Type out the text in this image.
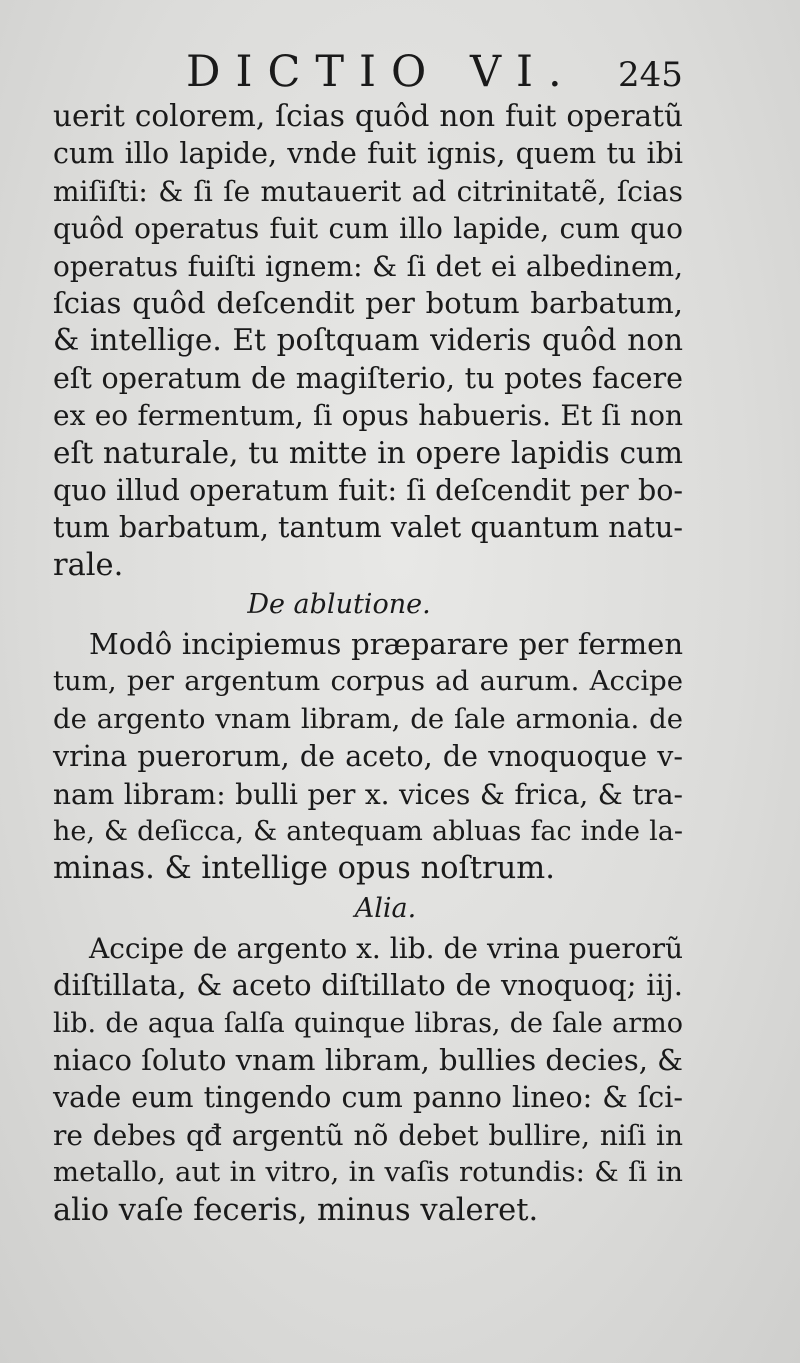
DICTIO VI. 245
uerit colorem, ſcias quôd non fuit operatũ
cum illo lapide, vnde fuit ignis, quem tu ibi
miſiſti: & ſi ſe mutauerit ad citrinitatẽ, ſcias
quôd operatus fuit cum illo lapide, cum quo
operatus fuiſti ignem: & ſi det ei albedinem,
ſcias quôd deſcendit per botum barbatum,
& intellige. Et poſtquam videris quôd non
eſt operatum de magiſterio, tu potes facere
ex eo fermentum, ſi opus habueris. Et ſi non
eſt naturale, tu mitte in opere lapidis cum
quo illud operatum fuit: ſi deſcendit per bo-
tum barbatum, tantum valet quantum natu-
rale.
De ablutione.
Modô incipiemus præparare per fermen
tum, per argentum corpus ad aurum. Accipe
de argento vnam libram, de ſale armonia. de
vrina puerorum, de aceto, de vnoquoque v-
nam libram: bulli per x. vices & frica, & tra-
he, & deſicca, & antequam abluas fac inde la-
minas. & intellige opus noſtrum.
Alia.
Accipe de argento x. lib. de vrina puerorũ
diſtillata, & aceto diſtillato de vnoquoq; iij.
lib. de aqua ſalſa quinque libras, de ſale armo
niaco ſoluto vnam libram, bullies decies, &
vade eum tingendo cum panno lineo: & ſci-
re debes qđ argentũ nõ debet bullire, niſi in
metallo, aut in vitro, in vaſis rotundis: & ſi in
alio vaſe feceris, minus valeret.
